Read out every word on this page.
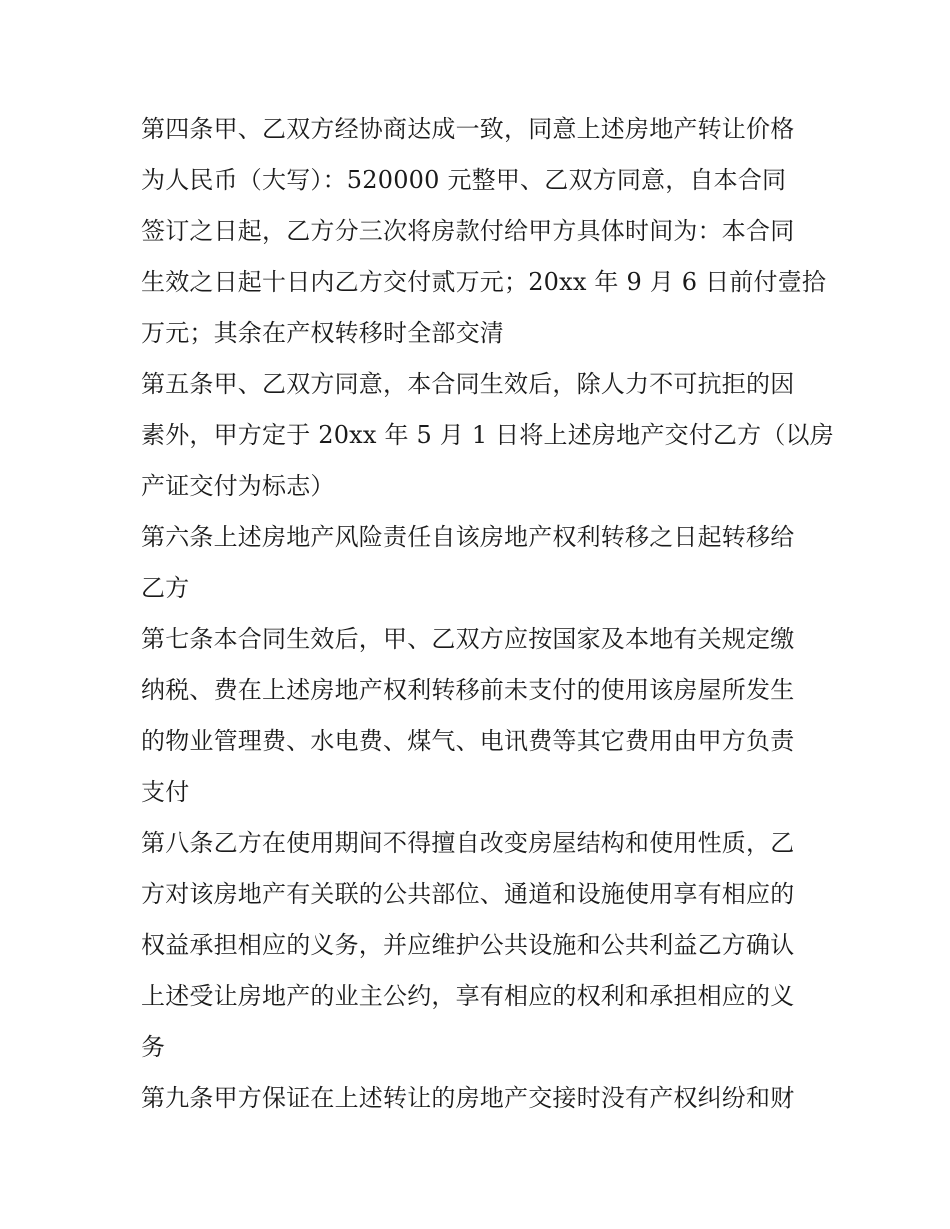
第四条甲、乙双方经协商达成一致，同意上述房地产转让价格
为人民币（大写）：520000 元整甲、乙双方同意，自本合同
签订之日起，乙方分三次将房款付给甲方具体时间为：本合同
生效之日起十日内乙方交付贰万元；20xx 年 9 月 6 日前付壹拾
万元；其余在产权转移时全部交清
第五条甲、乙双方同意，本合同生效后，除人力不可抗拒的因
素外，甲方定于 20xx 年 5 月 1 日将上述房地产交付乙方（以房
产证交付为标志）
第六条上述房地产风险责任自该房地产权利转移之日起转移给
乙方
第七条本合同生效后，甲、乙双方应按国家及本地有关规定缴
纳税、费在上述房地产权利转移前未支付的使用该房屋所发生
的物业管理费、水电费、煤气、电讯费等其它费用由甲方负责
支付
第八条乙方在使用期间不得擅自改变房屋结构和使用性质，乙
方对该房地产有关联的公共部位、通道和设施使用享有相应的
权益承担相应的义务，并应维护公共设施和公共利益乙方确认
上述受让房地产的业主公约，享有相应的权利和承担相应的义
务
第九条甲方保证在上述转让的房地产交接时没有产权纠纷和财
